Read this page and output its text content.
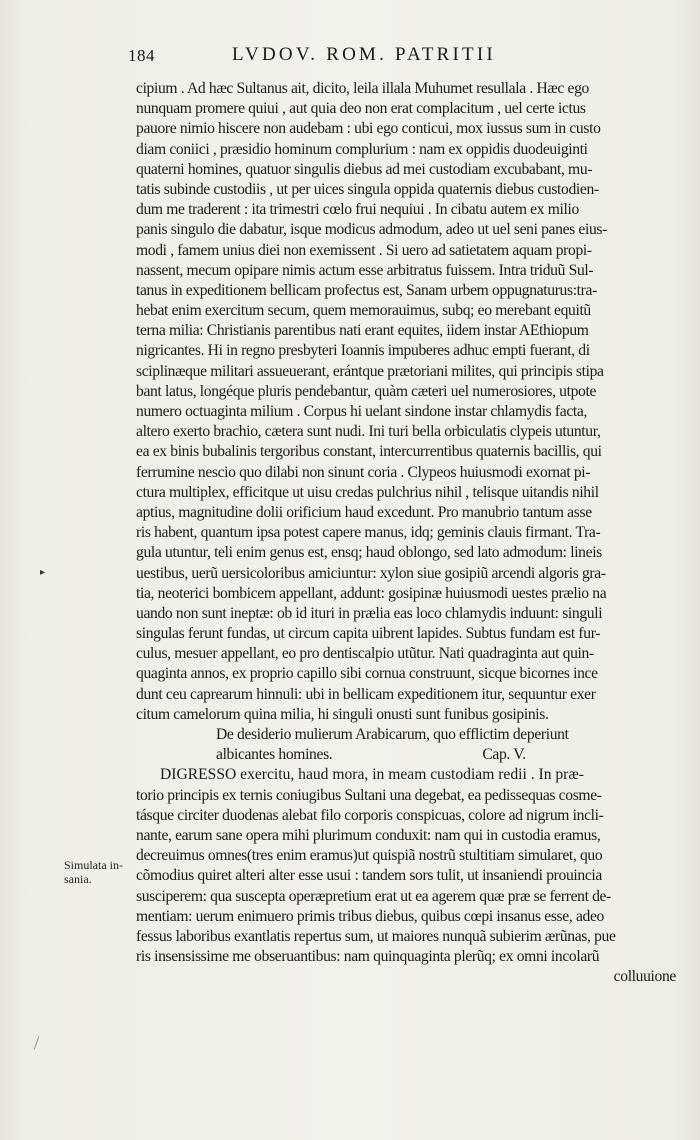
184	LVDOV. ROM. PATRITII
cipium . Ad hæc Sultanus ait, dicito, leila illala Muhumet resullala . Hæc ego
nunquam promere quiui , aut quia deo non erat complacitum , uel certe ictus
pauore nimio hiscere non audebam : ubi ego conticui, mox iussus sum in custo
diam coniici , præsidio hominum complurium : nam ex oppidis duodeuiginti
quaterni homines, quatuor singulis diebus ad mei custodiam excubabant, mu-
tatis subinde custodiis , ut per uices singula oppida quaternis diebus custodien-
dum me traderent : ita trimestri cœlo frui nequiui . In cibatu autem ex milio
panis singulo die dabatur, isque modicus admodum, adeo ut uel seni panes eius-
modi , famem unius diei non exemissent . Si uero ad satietatem aquam propi-
nassent, mecum opipare nimis actum esse arbitratus fuissem. Intra triduũ Sul-
tanus in expeditionem bellicam profectus est, Sanam urbem oppugnaturus:tra-
hebat enim exercitum secum, quem memorauimus, subq; eo merebant equitũ
terna milia: Christianis parentibus nati erant equites, iidem instar AEthiopum
nigricantes. Hi in regno presbyteri Ioannis impuberes adhuc empti fuerant, di
sciplinæque militari assueuerant, erántque prætoriani milites, qui principis stipa
bant latus, longéque pluris pendebantur, quàm cæteri uel numerosiores, utpote
numero octuaginta milium . Corpus hi uelant sindone instar chlamydis facta,
altero exerto brachio, cætera sunt nudi. Ini turi bella orbiculatis clypeis utuntur,
ea ex binis bubalinis tergoribus constant, intercurrentibus quaternis bacillis, qui
ferrumine nescio quo dilabi non sinunt coria . Clypeos huiusmodi exornat pi-
ctura multiplex, efficitque ut uisu credas pulchrius nihil , telisque uitandis nihil
aptius, magnitudine dolii orificium haud excedunt. Pro manubrio tantum asse
ris habent, quantum ipsa potest capere manus, idq; geminis clauis firmant. Tra-
gula utuntur, teli enim genus est, ensq; haud oblongo, sed lato admodum: lineis
uestibus, uerũ uersicoloribus amiciuntur: xylon siue gosipiũ arcendi algoris gra-
tia, neoterici bombicem appellant, addunt: gosipinæ huiusmodi uestes prælio na
uando non sunt ineptæ: ob id ituri in prælia eas loco chlamydis induunt: singuli
singulas ferunt fundas, ut circum capita uibrent lapides. Subtus fundam est fur-
culus, mesuer appellant, eo pro dentiscalpio utũtur. Nati quadraginta aut quin-
quaginta annos, ex proprio capillo sibi cornua construunt, sicque bicornes ince
dunt ceu caprearum hinnuli: ubi in bellicam expeditionem itur, sequuntur exer
citum camelorum quina milia, hi singuli onusti sunt funibus gosipinis.
De desiderio mulierum Arabicarum, quo efflictim deperiunt
albicantes homines.	Cap. V.
DIGRESSO exercitu, haud mora, in meam custodiam redii . In præ-
torio principis ex ternis coniugibus Sultani una degebat, ea pedissequas cosme-
tásque circiter duodenas alebat filo corporis conspicuas, colore ad nigrum incli-
nante, earum sane opera mihi plurimum conduxit: nam qui in custodia eramus,
decreuimus omnes(tres enim eramus)ut quispiã nostrũ stultitiam simularet, quo
cõmodius quiret alteri alter esse usui : tandem sors tulit, ut insaniendi prouincia
susciperem: qua suscepta operæpretium erat ut ea agerem quæ præ se ferrent de-
mentiam: uerum enimuero primis tribus diebus, quibus cœpi insanus esse, adeo
fessus laboribus exantlatis repertus sum, ut maiores nunquã subierim ærũnas, pue
ris insensissime me obseruantibus: nam quinquaginta plerũq; ex omni incolarũ
colluuione
Simulata in-
sania.
▸
